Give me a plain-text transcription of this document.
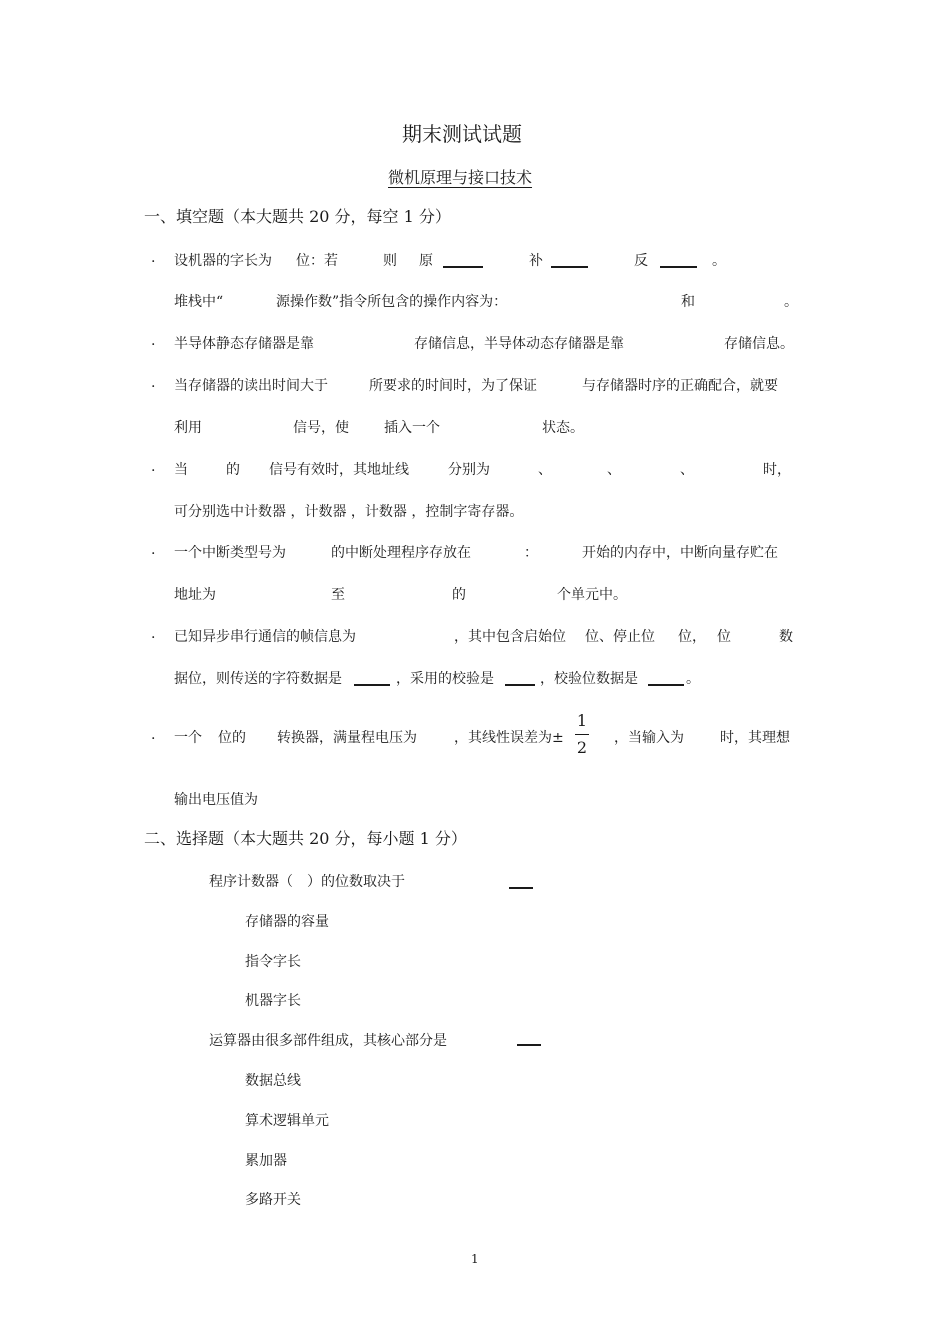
期末测试试题
微机原理与接口技术
一、填空题（本大题共 20 分，每空 1 分）
. 设机器的字长为 位：若	则 原	补	反	。
堆栈中“	源操作数”指令所包含的操作内容为：	和	。
. 半导体静态存储器是靠	存储信息，半导体动态存储器是靠	存储信息。
. 当存储器的读出时间大于	所要求的时间时，为了保证	与存储器时序的正确配合，就要
利用	信号，使	插入一个	状态。
. 当	的 信号有效时，其地址线	分别为	、	、	、	时，
可分别选中计数器 ，计数器 ，计数器 ，控制字寄存器。
. 一个中断类型号为	的中断处理程序存放在	：	开始的内存中，中断向量存贮在
地址为	至	的	个单元中。
. 已知异步串行通信的帧信息为	，其中包含启始位 位、停止位 位， 位	数
据位，则传送的字符数据是	，采用的校验是	，校验位数据是	。
. 一个 位的 转换器，满量程电压为	，其线性误差为±
1
2 ，当输入为	时，其理想
输出电压值为
二、选择题（本大题共 20 分，每小题 1 分）
程序计数器（　）的位数取决于
存储器的容量
指令字长
机器字长
运算器由很多部件组成，其核心部分是
数据总线
算术逻辑单元
累加器
多路开关
1
